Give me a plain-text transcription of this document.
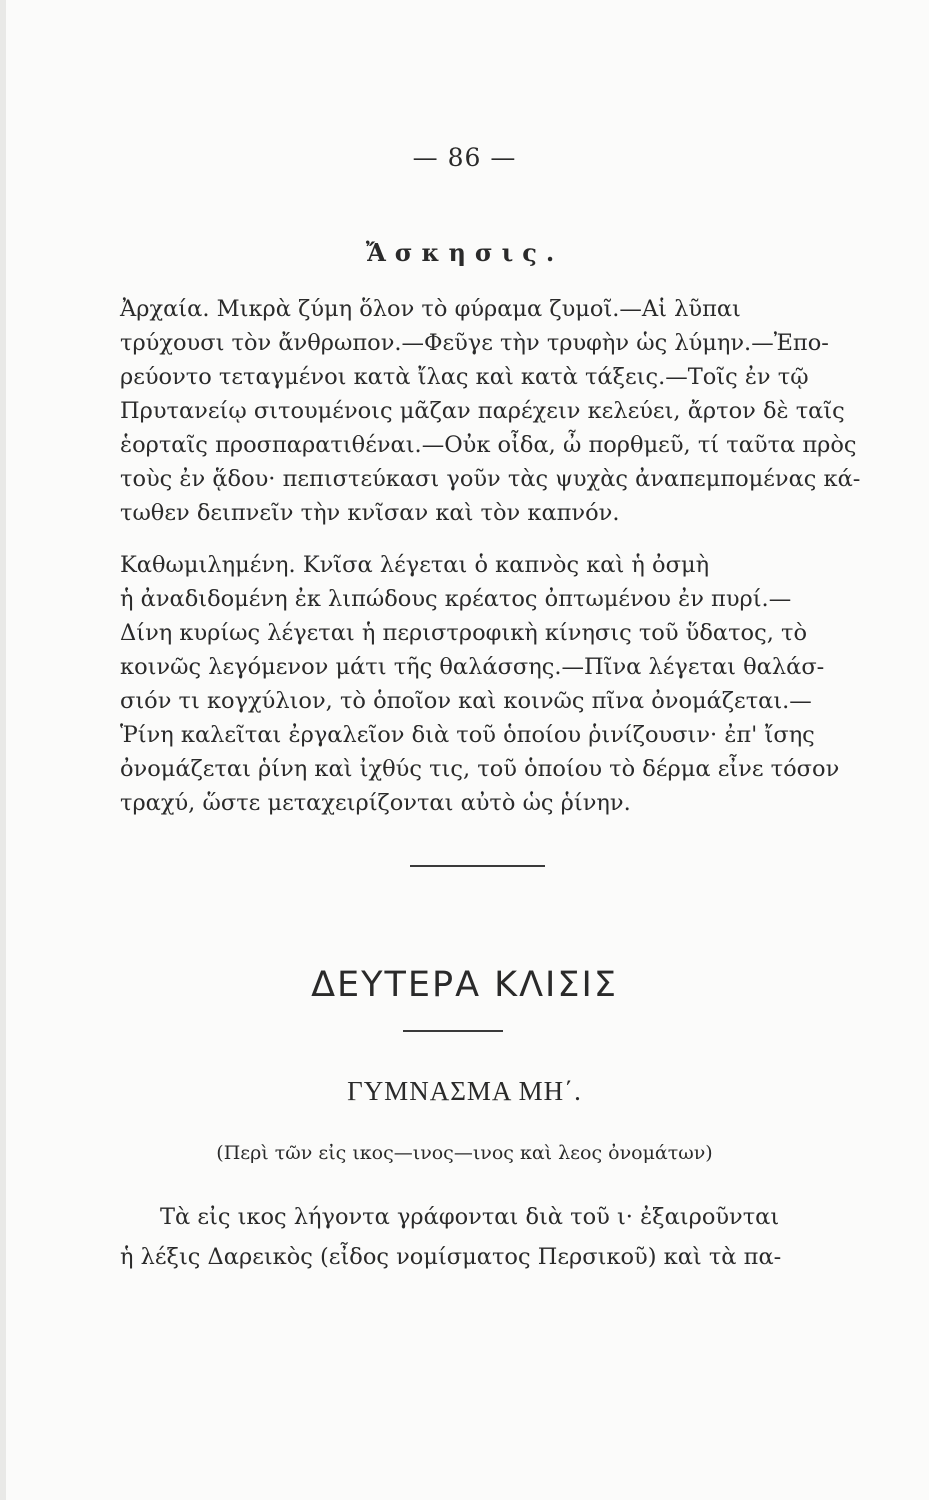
— 86 —
Ἄσκησις.

Ἀρχαία. Μικρὰ ζύμη ὅλον τὸ φύραμα ζυμοῖ.—Αἱ λῦπαι

τρύχουσι τὸν ἄνθρωπον.—Φεῦγε τὴν τρυφὴν ὡς λύμην.—Ἐπο-

ρεύοντο τεταγμένοι κατὰ ἴλας καὶ κατὰ τάξεις.—Τοῖς ἐν τῷ

Πρυτανείῳ σιτουμένοις μᾶζαν παρέχειν κελεύει, ἄρτον δὲ ταῖς

ἑορταῖς προσπαρατιθέναι.—Οὐκ οἶδα, ὦ πορθμεῦ, τί ταῦτα πρὸς

τοὺς ἐν ᾅδου· πεπιστεύκασι γοῦν τὰς ψυχὰς ἀναπεμπομένας κά-

τωθεν δειπνεῖν τὴν κνῖσαν καὶ τὸν καπνόν.

Καθωμιλημένη. Κνῖσα λέγεται ὁ καπνὸς καὶ ἡ ὀσμὴ

ἡ ἀναδιδομένη ἐκ λιπώδους κρέατος ὀπτωμένου ἐν πυρί.—

Δίνη κυρίως λέγεται ἡ περιστροφικὴ κίνησις τοῦ ὕδατος, τὸ

κοινῶς λεγόμενον μάτι τῆς θαλάσσης.—Πῖνα λέγεται θαλάσ-

σιόν τι κογχύλιον, τὸ ὁποῖον καὶ κοινῶς πῖνα ὀνομάζεται.—

Ῥίνη καλεῖται ἐργαλεῖον διὰ τοῦ ὁποίου ῥινίζουσιν· ἐπ' ἴσης

ὀνομάζεται ῥίνη καὶ ἰχθύς τις, τοῦ ὁποίου τὸ δέρμα εἶνε τόσον

τραχύ, ὥστε μεταχειρίζονται αὐτὸ ὡς ῥίνην.

ΔΕΥΤΕΡΑ ΚΛΙΣΙΣ
ΓΥΜΝΑΣΜΑ ΜΗ΄.
(Περὶ τῶν εἰς ικος—ινος—ινος καὶ λεος ὀνομάτων)

Τὰ εἰς ικος λήγοντα γράφονται διὰ τοῦ ι· ἐξαιροῦνται

ἡ λέξις Δαρεικὸς (εἶδος νομίσματος Περσικοῦ) καὶ τὰ πα-
